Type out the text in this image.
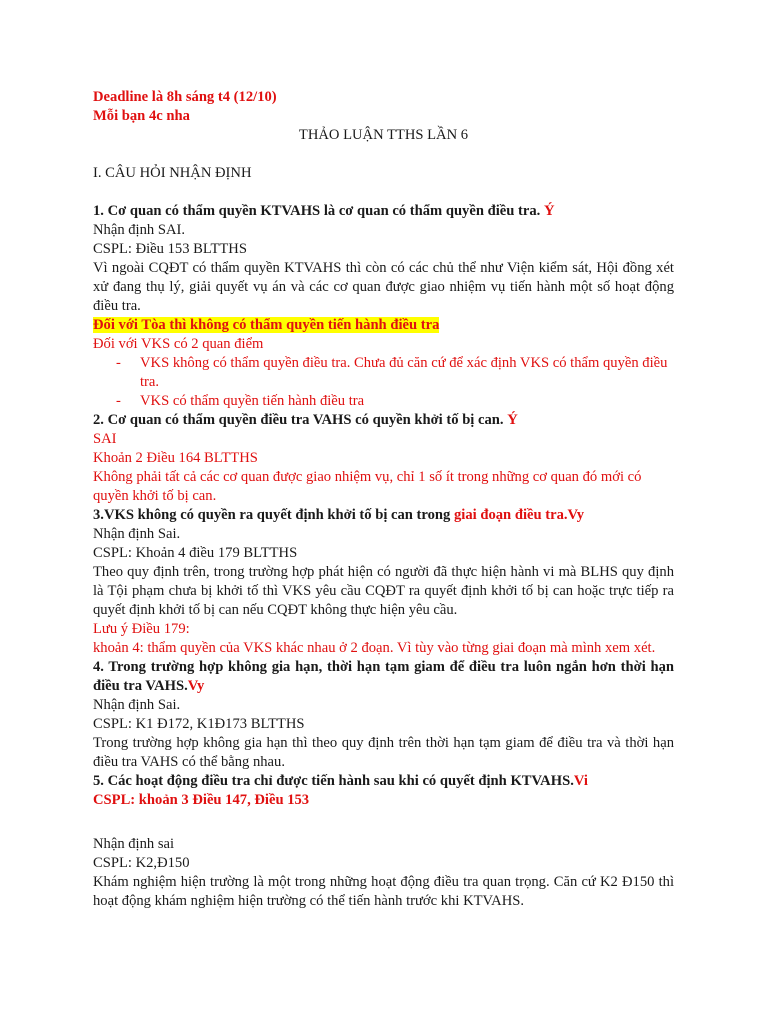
Deadline là 8h sáng t4 (12/10)

Mỗi bạn 4c nha

THẢO LUẬN TTHS LẦN 6

I. CÂU HỎI NHẬN ĐỊNH

1. Cơ quan có thẩm quyền KTVAHS là cơ quan có thẩm quyền điều tra. Ý

Nhận định SAI.

CSPL: Điều 153 BLTTHS

Vì ngoài CQĐT có thẩm quyền KTVAHS thì còn có các chủ thể như Viện kiểm sát, Hội đồng xét xử đang thụ lý, giải quyết vụ án và các cơ quan được giao nhiệm vụ tiến hành một số hoạt động điều tra.

Đối với Tòa thì không có thẩm quyền tiến hành điều tra

Đối với VKS có 2 quan điểm

- VKS không có thẩm quyền điều tra. Chưa đủ căn cứ để xác định VKS có thẩm quyền điều tra.
- VKS có thẩm quyền tiến hành điều tra

2. Cơ quan có thẩm quyền điều tra VAHS có quyền khởi tố bị can. Ý

SAI

Khoản 2 Điều 164 BLTTHS

Không phải tất cả các cơ quan được giao nhiệm vụ, chỉ 1 số ít trong những cơ quan đó mới có quyền khởi tố bị can.

3.VKS không có quyền ra quyết định khởi tố bị can trong giai đoạn điều tra.Vy

Nhận định Sai.

CSPL: Khoản 4 điều 179 BLTTHS

Theo quy định trên, trong trường hợp phát hiện có người đã thực hiện hành vi mà BLHS quy định là Tội phạm chưa bị khởi tố thì VKS yêu cầu CQĐT ra quyết định khởi tố bị can hoặc trực tiếp ra quyết định khởi tố bị can nếu CQĐT không thực hiện yêu cầu.

Lưu ý Điều 179:

khoản 4: thẩm quyền của VKS khác nhau ở 2 đoạn. Vì tùy vào từng giai đoạn mà mình xem xét.

4. Trong trường hợp không gia hạn, thời hạn tạm giam để điều tra luôn ngắn hơn thời hạn điều tra VAHS.Vy

Nhận định Sai.

CSPL: K1 Đ172, K1Đ173 BLTTHS

Trong trường hợp không gia hạn thì theo quy định trên thời hạn tạm giam để điều tra và thời hạn điều tra VAHS có thể bằng nhau.

5. Các hoạt động điều tra chỉ được tiến hành sau khi có quyết định KTVAHS.Vi

CSPL: khoản 3 Điều 147, Điều 153

Nhận định sai

CSPL: K2,Đ150

Khám nghiệm hiện trường là một trong những hoạt động điều tra quan trọng. Căn cứ K2 Đ150 thì hoạt động khám nghiệm hiện trường có thể tiến hành trước khi KTVAHS.
